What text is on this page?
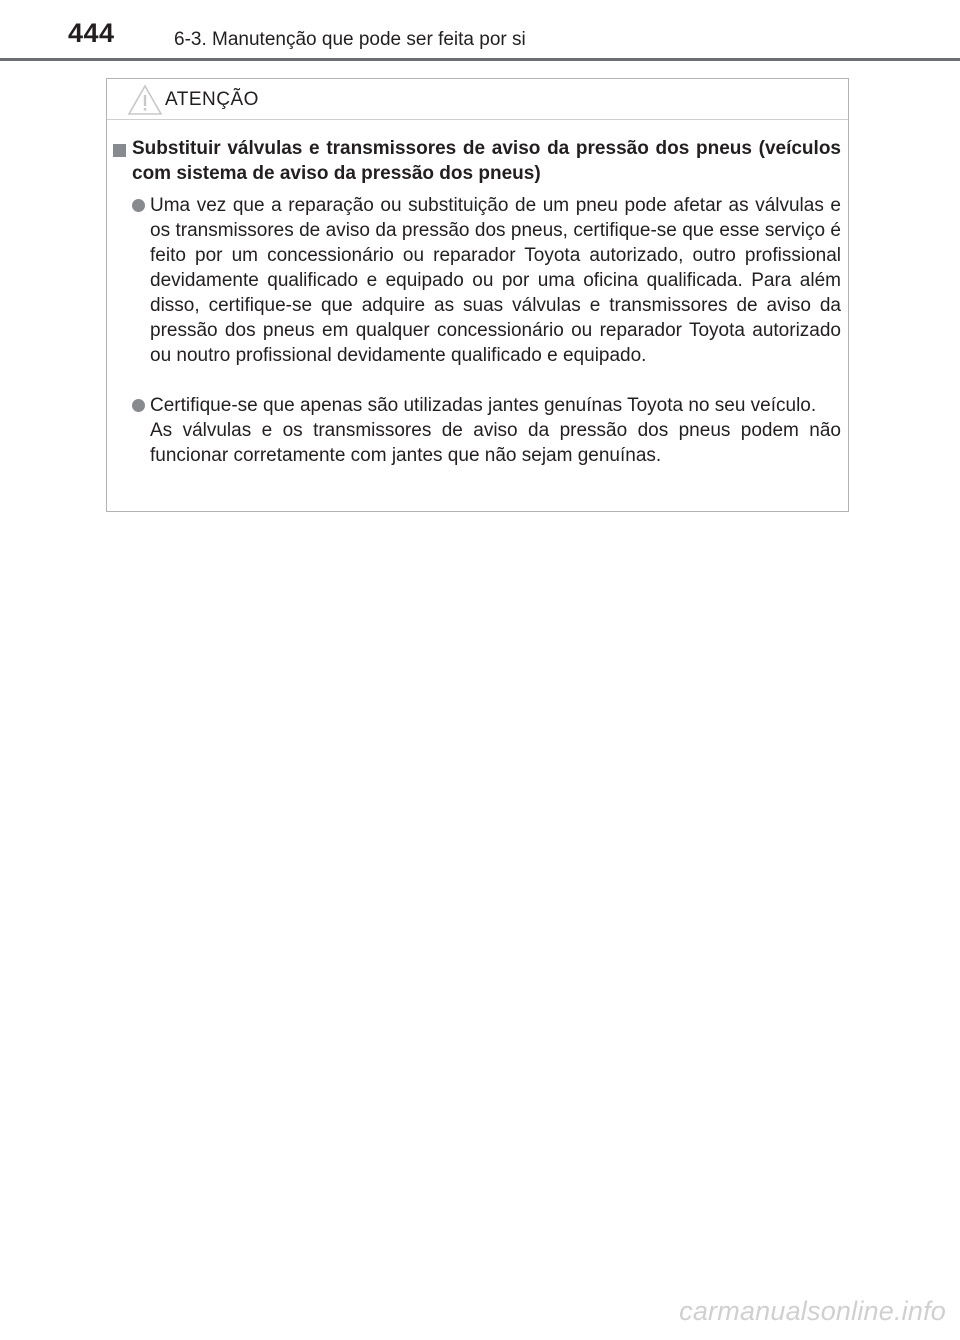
444	6-3. Manutenção que pode ser feita por si
ATENÇÃO
Substituir válvulas e transmissores de aviso da pressão dos pneus (veículos com sistema de aviso da pressão dos pneus)

Uma vez que a reparação ou substituição de um pneu pode afetar as válvulas e os transmissores de aviso da pressão dos pneus, certifique-se que esse serviço é feito por um concessionário ou reparador Toyota autorizado, outro profissional devidamente qualificado e equipado ou por uma oficina qualificada. Para além disso, certifique-se que adquire as suas válvulas e transmissores de aviso da pressão dos pneus em qualquer concessionário ou reparador Toyota autorizado ou noutro profissional devidamente qualificado e equipado.

Certifique-se que apenas são utilizadas jantes genuínas Toyota no seu veículo.

As válvulas e os transmissores de aviso da pressão dos pneus podem não funcionar corretamente com jantes que não sejam genuínas.

carmanualsonline.info
